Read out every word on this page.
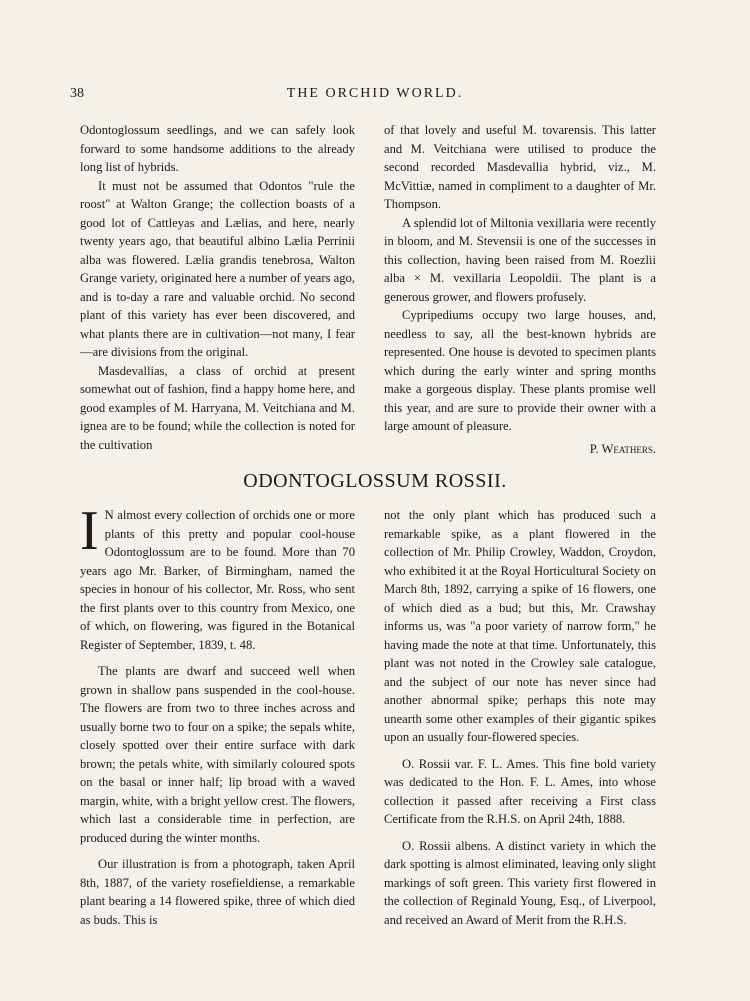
38	THE ORCHID WORLD.

Odontoglossum seedlings, and we can safely look forward to some handsome additions to the already long list of hybrids.

It must not be assumed that Odontos "rule the roost" at Walton Grange; the collection boasts of a good lot of Cattleyas and Lælias, and here, nearly twenty years ago, that beautiful albino Lælia Perrinii alba was flowered. Lælia grandis tenebrosa, Walton Grange variety, originated here a number of years ago, and is to-day a rare and valuable orchid. No second plant of this variety has ever been discovered, and what plants there are in cultivation—not many, I fear—are divisions from the original.

Masdevallias, a class of orchid at present somewhat out of fashion, find a happy home here, and good examples of M. Harryana, M. Veitchiana and M. ignea are to be found; while the collection is noted for the cultivation

of that lovely and useful M. tovarensis. This latter and M. Veitchiana were utilised to produce the second recorded Masdevallia hybrid, viz., M. McVittiæ, named in compliment to a daughter of Mr. Thompson.

A splendid lot of Miltonia vexillaria were recently in bloom, and M. Stevensii is one of the successes in this collection, having been raised from M. Roezlii alba × M. vexillaria Leopoldii. The plant is a generous grower, and flowers profusely.

Cypripediums occupy two large houses, and, needless to say, all the best-known hybrids are represented. One house is devoted to specimen plants which during the early winter and spring months make a gorgeous display. These plants promise well this year, and are sure to provide their owner with a large amount of pleasure.

P. Weathers.
ODONTOGLOSSUM ROSSII.

I N almost every collection of orchids one or more plants of this pretty and popular cool-house Odontoglossum are to be found. More than 70 years ago Mr. Barker, of Birmingham, named the species in honour of his collector, Mr. Ross, who sent the first plants over to this country from Mexico, one of which, on flowering, was figured in the Botanical Register of September, 1839, t. 48.

The plants are dwarf and succeed well when grown in shallow pans suspended in the cool-house. The flowers are from two to three inches across and usually borne two to four on a spike; the sepals white, closely spotted over their entire surface with dark brown; the petals white, with similarly coloured spots on the basal or inner half; lip broad with a waved margin, white, with a bright yellow crest. The flowers, which last a considerable time in perfection, are produced during the winter months.

Our illustration is from a photograph, taken April 8th, 1887, of the variety rosefieldiense, a remarkable plant bearing a 14 flowered spike, three of which died as buds. This is

not the only plant which has produced such a remarkable spike, as a plant flowered in the collection of Mr. Philip Crowley, Waddon, Croydon, who exhibited it at the Royal Horticultural Society on March 8th, 1892, carrying a spike of 16 flowers, one of which died as a bud; but this, Mr. Crawshay informs us, was "a poor variety of narrow form," he having made the note at that time. Unfortunately, this plant was not noted in the Crowley sale catalogue, and the subject of our note has never since had another abnormal spike; perhaps this note may unearth some other examples of their gigantic spikes upon an usually four-flowered species.

O. Rossii var. F. L. Ames. This fine bold variety was dedicated to the Hon. F. L. Ames, into whose collection it passed after receiving a First class Certificate from the R.H.S. on April 24th, 1888.

O. Rossii albens. A distinct variety in which the dark spotting is almost eliminated, leaving only slight markings of soft green. This variety first flowered in the collection of Reginald Young, Esq., of Liverpool, and received an Award of Merit from the R.H.S.
